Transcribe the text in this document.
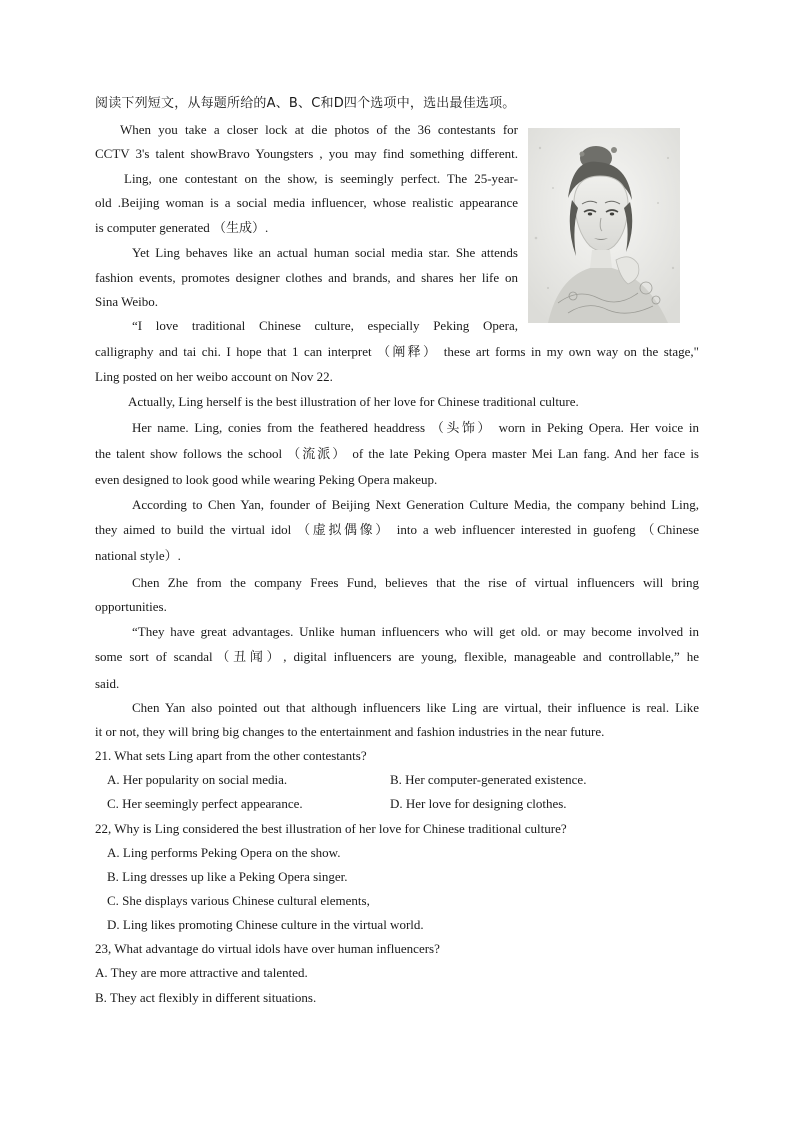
阅读下列短文，从每题所给的A、B、C和D四个选项中，选出最佳选项。
When you take a closer lock at die photos of the 36 contestants for
CCTV 3's talent showBravo Youngsters , you may find something different.
Ling, one contestant on the show, is seemingly perfect. The 25-year-
old .Beijing woman is a social media influencer, whose realistic appearance
is computer generated （生成）.
Yet Ling behaves like an actual human social media star. She attends
fashion events, promotes designer clothes and brands, and shares her life on
Sina Weibo.
“I love traditional Chinese culture, especially Peking Opera,
calligraphy and tai chi. I hope that 1 can interpret （阐释） these art forms in my own way on the stage,"
Ling posted on her weibo account on Nov 22.
Actually, Ling herself is the best illustration of her love for Chinese traditional culture.
Her name. Ling, conies from the feathered headdress （头饰） worn in Peking Opera. Her voice in
the talent show follows the school （流派） of the late Peking Opera master Mei Lan fang. And her face is
even designed to look good while wearing Peking Opera makeup.
According to Chen Yan, founder of Beijing Next Generation Culture Media, the company behind Ling,
they aimed to build the virtual idol （虚拟偶像） into a web influencer interested in guofeng （Chinese
national style）.
Chen Zhe from the company Frees Fund, believes that the rise of virtual influencers will bring
opportunities.
“They have great advantages. Unlike human influencers who will get old. or may become involved in
some sort of scandal（丑闻）, digital influencers are young, flexible, manageable and controllable,” he
said.
Chen Yan also pointed out that although influencers like Ling are virtual, their influence is real. Like
it or not, they will bring big changes to the entertainment and fashion industries in the near future.
21. What sets Ling apart from the other contestants?
A. Her popularity on social media.	B. Her computer-generated existence.
C. Her seemingly perfect appearance.	D. Her love for designing clothes.
22, Why is Ling considered the best illustration of her love for Chinese traditional culture?
A. Ling performs Peking Opera on the show.
B. Ling dresses up like a Peking Opera singer.
C. She displays various Chinese cultural elements,
D. Ling likes promoting Chinese culture in the virtual world.
23, What advantage do virtual idols have over human influencers?
A. They are more attractive and talented.
B. They act flexibly in different situations.
